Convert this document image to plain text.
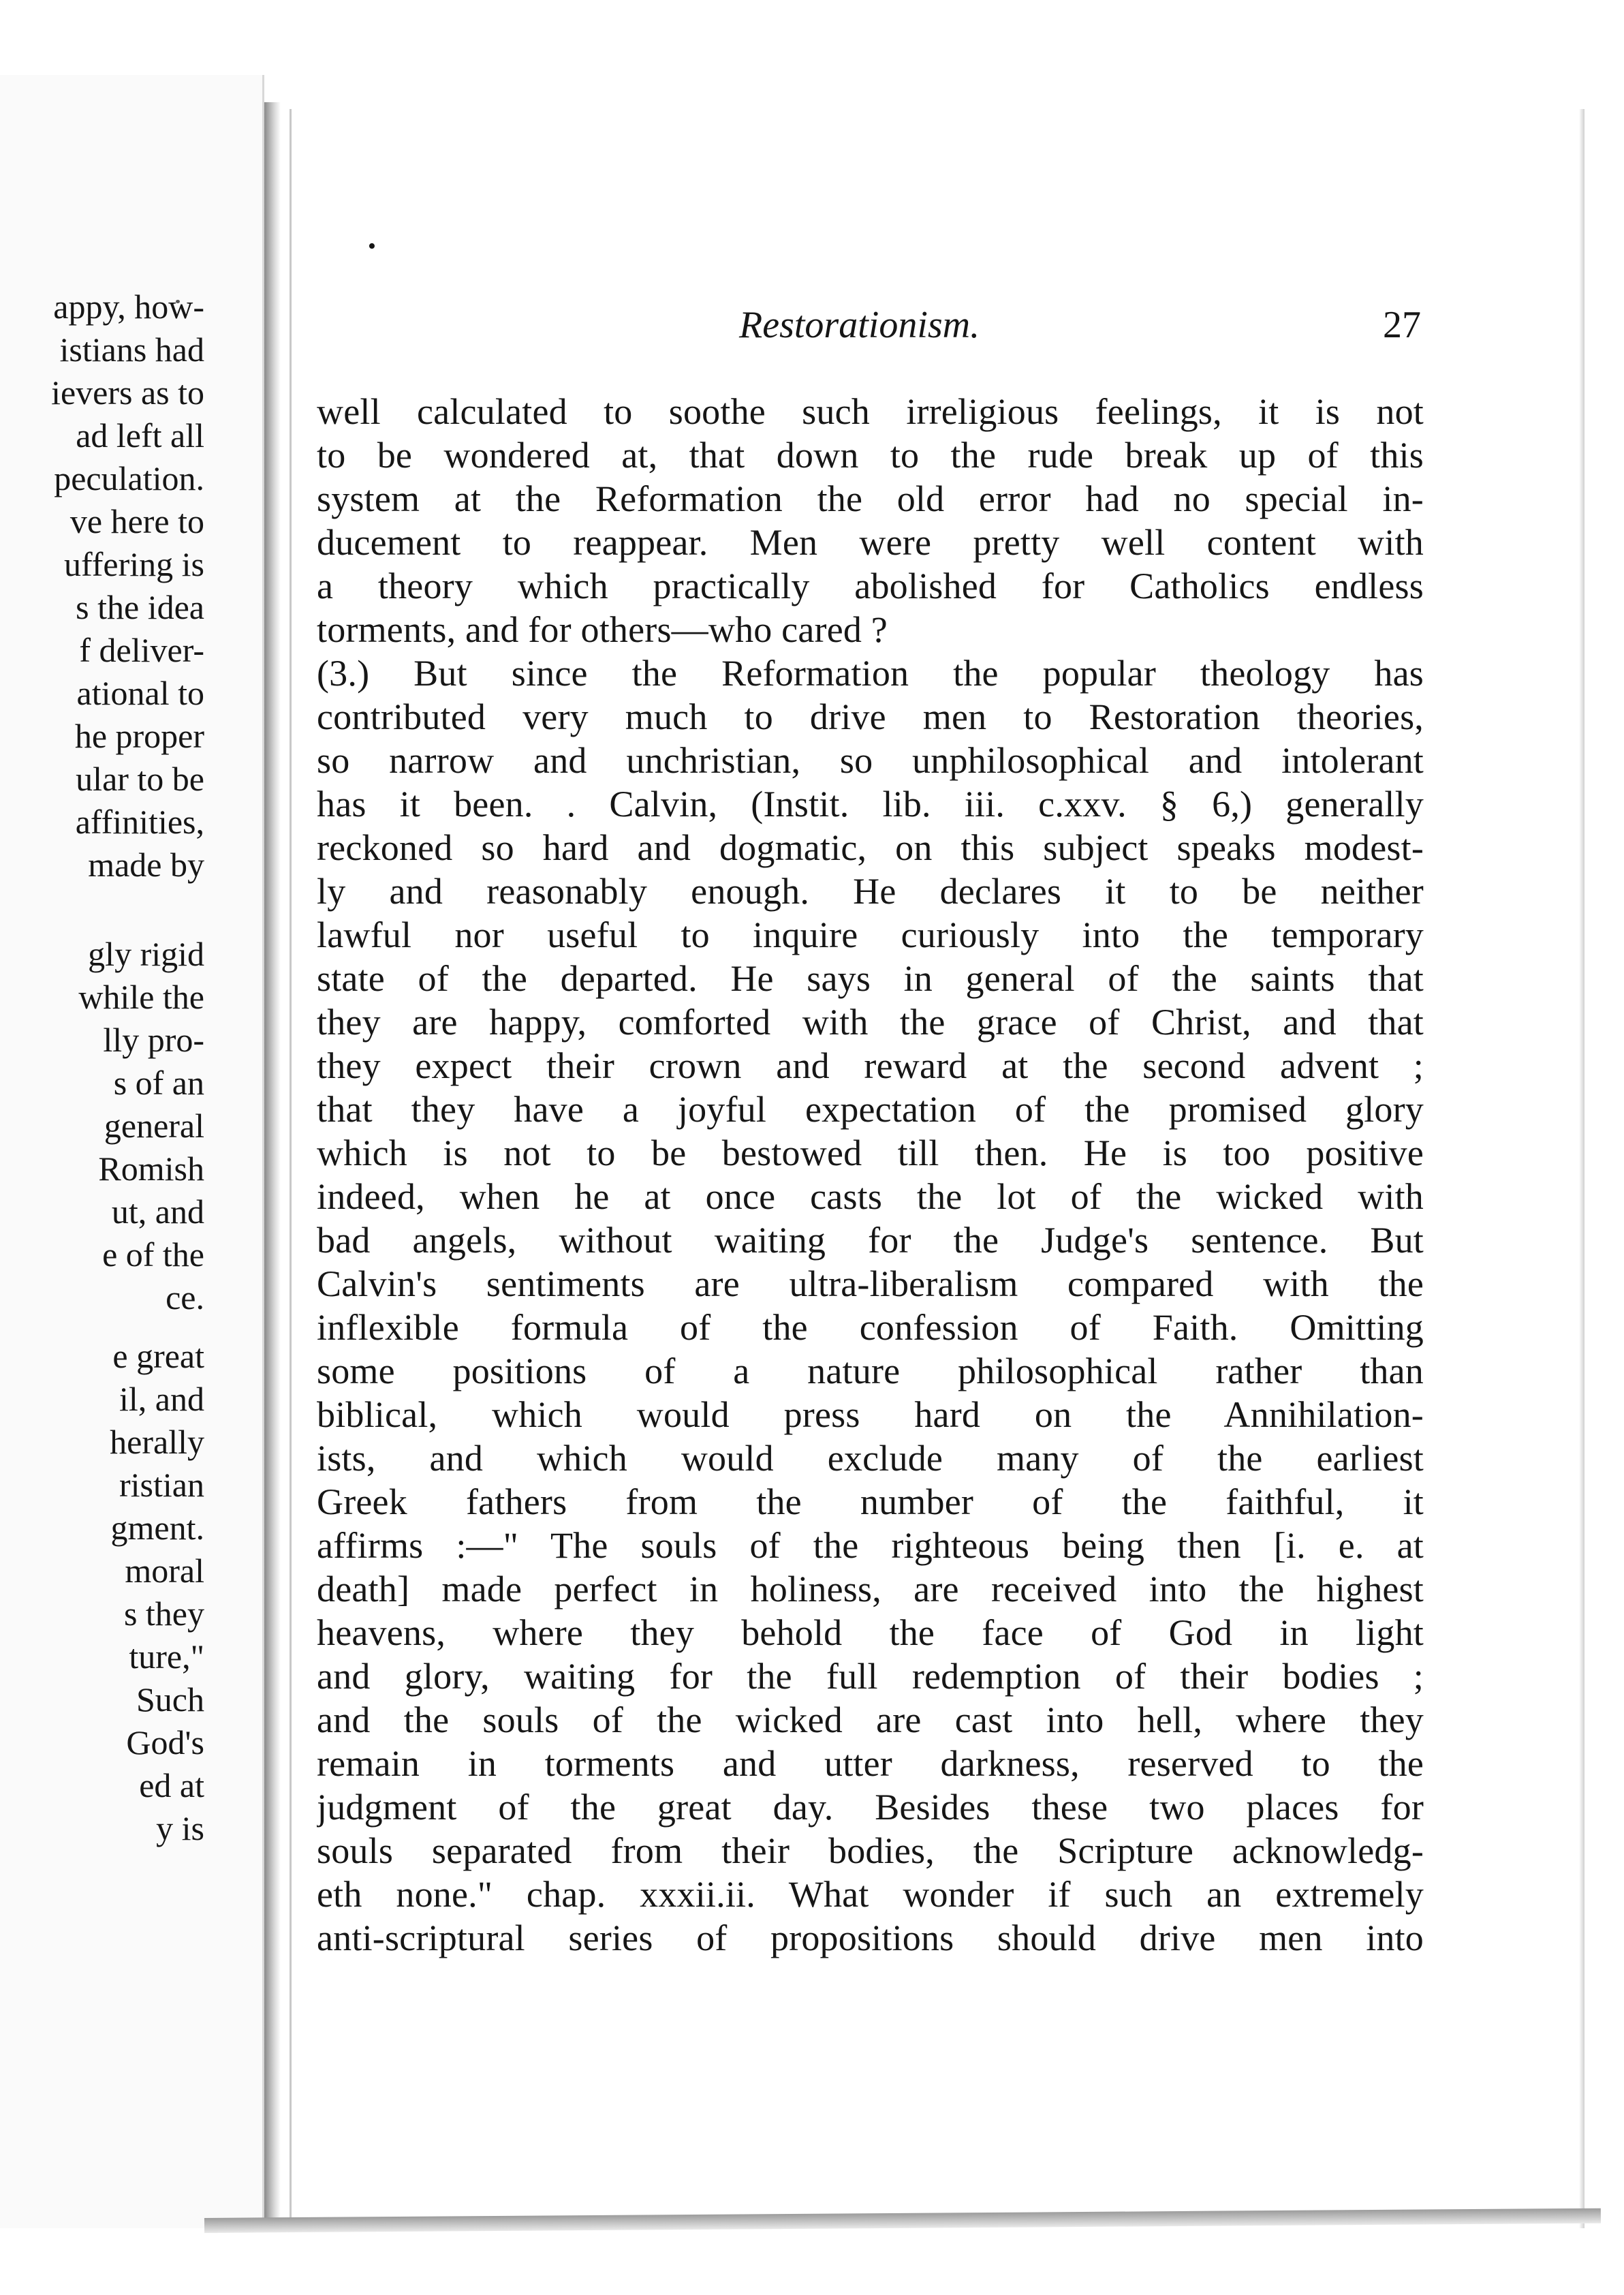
appy, how-
istians had
ievers as to
ad left all
peculation.
ve here to
uffering is
s the idea
f deliver-
ational to
he proper
ular to be
affinities,
made by
gly rigid
while the
lly pro-
s of an
general
Romish
ut, and
e of the
ce.
e great
il, and
herally
ristian
gment.
moral
s they
ture,"
Such
God's
ed at
y is
•
Restorationism.	27
well calculated to soothe such irreligious feelings, it is not
to be wondered at, that down to the rude break up of this
system at the Reformation the old error had no special in-
ducement to reappear. Men were pretty well content with
a theory which practically abolished for Catholics endless
torments, and for others—who cared ?
(3.) But since the Reformation the popular theology has
contributed very much to drive men to Restoration theories,
so narrow and unchristian, so unphilosophical and intolerant
has it been. . Calvin, (Instit. lib. iii. c.xxv. § 6,) generally
reckoned so hard and dogmatic, on this subject speaks modest-
ly and reasonably enough. He declares it to be neither
lawful nor useful to inquire curiously into the temporary
state of the departed. He says in general of the saints that
they are happy, comforted with the grace of Christ, and that
they expect their crown and reward at the second advent ;
that they have a joyful expectation of the promised glory
which is not to be bestowed till then. He is too positive
indeed, when he at once casts the lot of the wicked with
bad angels, without waiting for the Judge's sentence. But
Calvin's sentiments are ultra-liberalism compared with the
inflexible formula of the confession of Faith. Omitting
some positions of a nature philosophical rather than
biblical, which would press hard on the Annihilation-
ists, and which would exclude many of the earliest
Greek fathers from the number of the faithful, it
affirms :—" The souls of the righteous being then [i. e. at
death] made perfect in holiness, are received into the highest
heavens, where they behold the face of God in light
and glory, waiting for the full redemption of their bodies ;
and the souls of the wicked are cast into hell, where they
remain in torments and utter darkness, reserved to the
judgment of the great day. Besides these two places for
souls separated from their bodies, the Scripture acknowledg-
eth none." chap. xxxii.ii. What wonder if such an extremely
anti-scriptural series of propositions should drive men into
